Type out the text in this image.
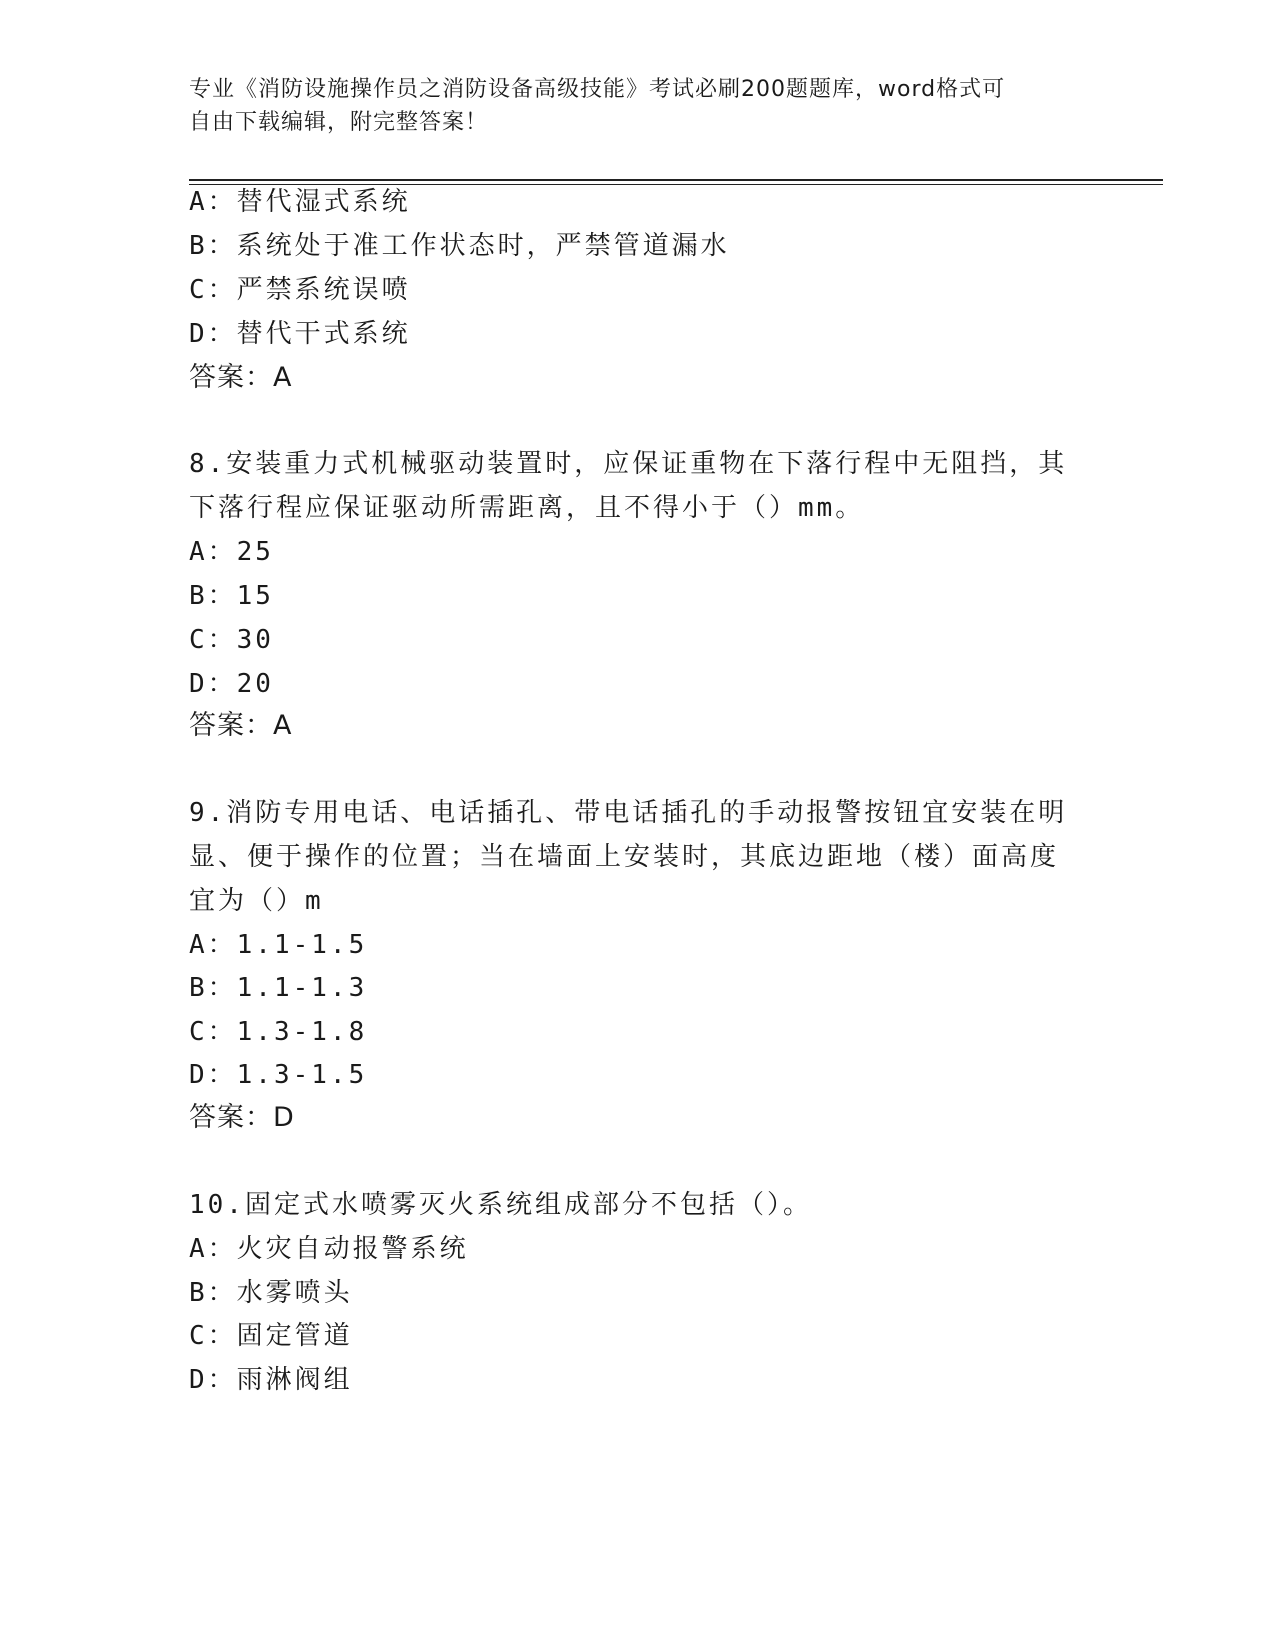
专业《消防设施操作员之消防设备高级技能》考试必刷200题题库，word格式可
自由下载编辑，附完整答案！
A：替代湿式系统
B：系统处于准工作状态时，严禁管道漏水
C：严禁系统误喷
D：替代干式系统
答案：A
8.安装重力式机械驱动装置时，应保证重物在下落行程中无阻挡，其
下落行程应保证驱动所需距离，且不得小于（）mm。
A：25
B：15
C：30
D：20
答案：A
9.消防专用电话、电话插孔、带电话插孔的手动报警按钮宜安装在明
显、便于操作的位置；当在墙面上安装时，其底边距地（楼）面高度
宜为（）m
A：1.1-1.5
B：1.1-1.3
C：1.3-1.8
D：1.3-1.5
答案：D
10.固定式水喷雾灭火系统组成部分不包括（）。
A：火灾自动报警系统
B：水雾喷头
C：固定管道
D：雨淋阀组
